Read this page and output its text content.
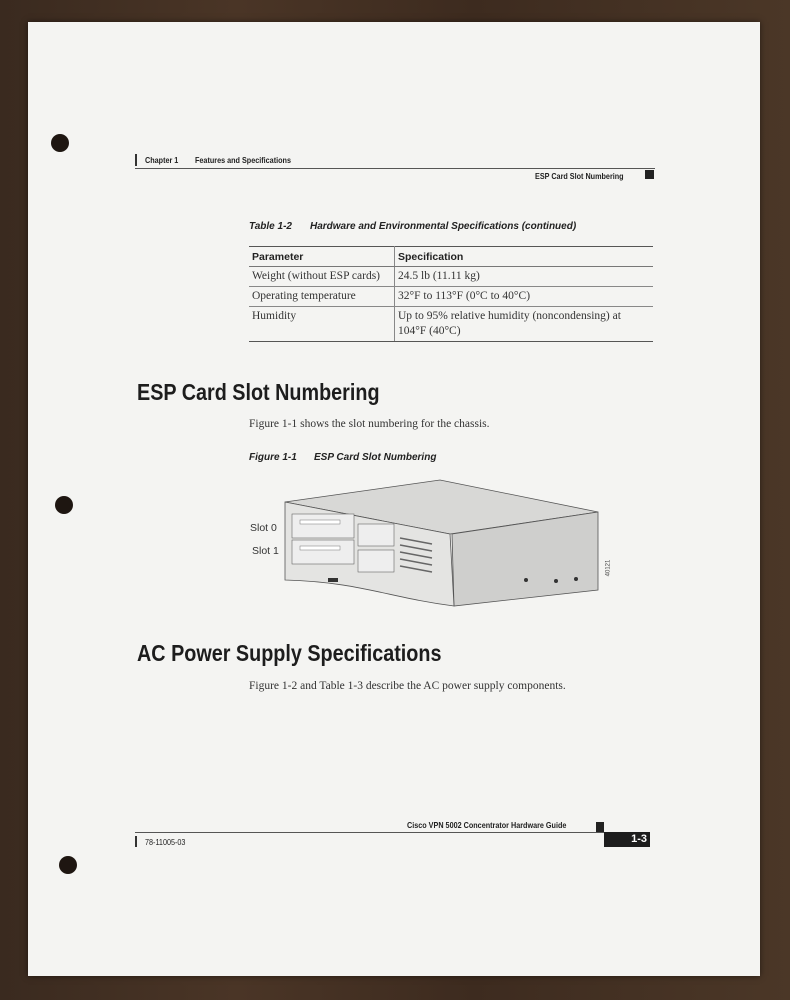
Chapter 1 Features and Specifications
ESP Card Slot Numbering
Table 1-2 Hardware and Environmental Specifications (continued)
Parameter	Specification
Weight (without ESP cards)	24.5 lb (11.11 kg)
Operating temperature	32°F to 113°F (0°C to 40°C)
Humidity	Up to 95% relative humidity (noncondensing) at 104°F (40°C)
ESP Card Slot Numbering
Figure 1-1 shows the slot numbering for the chassis.
Figure 1-1 ESP Card Slot Numbering
Slot 0
Slot 1
40121
AC Power Supply Specifications
Figure 1-2 and Table 1-3 describe the AC power supply components.
Cisco VPN 5002 Concentrator Hardware Guide
78-11005-03	1-3
